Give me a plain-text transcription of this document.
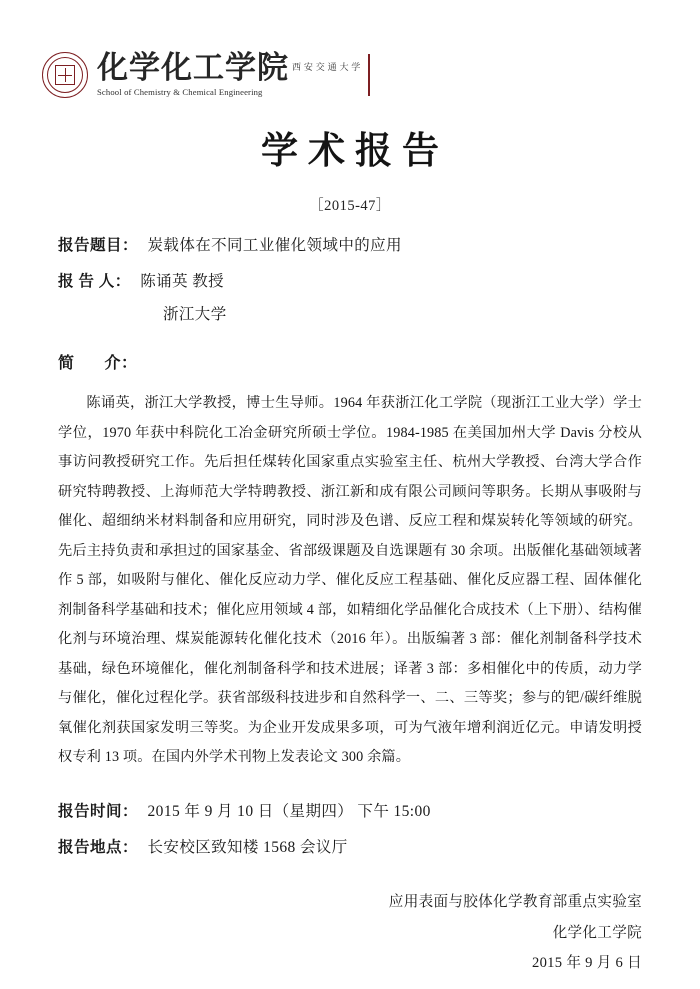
化学化工学院 $^{西 安 交 通 大 学}$
School of Chemistry & Chemical Engineering
学术报告
［2015-47］
报告题目 ： 炭载体在不同工业催化领域中的应用
报 告 人 ： 陈诵英 教授
浙江大学
简 介：
陈诵英，浙江大学教授，博士生导师。1964 年获浙江化工学院（现浙江工业大学）学士学位，1970 年获中科院化工冶金研究所硕士学位。1984-1985 在美国加州大学 Davis 分校从事访问教授研究工作。先后担任煤转化国家重点实验室主任、杭州大学教授、台湾大学合作研究特聘教授、上海师范大学特聘教授、浙江新和成有限公司顾问等职务。长期从事吸附与催化、超细纳米材料制备和应用研究，同时涉及色谱、反应工程和煤炭转化等领域的研究。先后主持负责和承担过的国家基金、省部级课题及自选课题有 30 余项。出版催化基础领域著作 5 部，如吸附与催化、催化反应动力学、催化反应工程基础、催化反应器工程、固体催化剂制备科学基础和技术；催化应用领域 4 部，如精细化学品催化合成技术（上下册）、结构催化剂与环境治理、煤炭能源转化催化技术（2016 年）。出版编著 3 部：催化剂制备科学技术基础，绿色环境催化，催化剂制备科学和技术进展；译著 3 部：多相催化中的传质，动力学与催化，催化过程化学。获省部级科技进步和自然科学一、二、三等奖；参与的钯/碳纤维脱氧催化剂获国家发明三等奖。为企业开发成果多项，可为气液年增利润近亿元。申请发明授权专利 13 项。在国内外学术刊物上发表论文 300 余篇。
报告时间 ： 2015 年 9 月 10 日（星期四） 下午 15:00
报告地点 ： 长安校区致知楼 1568 会议厅
应用表面与胶体化学教育部重点实验室
化学化工学院
2015 年 9 月 6 日
